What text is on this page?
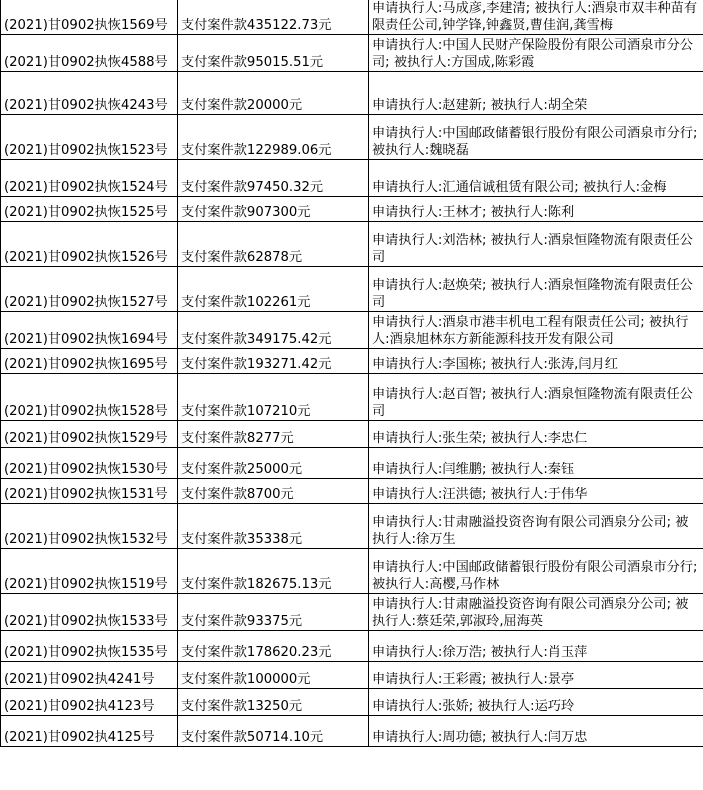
(2021)甘0902执恢1569号	支付案件款435122.73元	申请执行人:马成彦,李建清; 被执行人:酒泉市双丰种苗有限责任公司,钟学锋,钟鑫贤,曹佳润,龚雪梅
(2021)甘0902执恢4588号	支付案件款95015.51元	申请执行人:中国人民财产保险股份有限公司酒泉市分公司; 被执行人:方国成,陈彩霞
(2021)甘0902执恢4243号	支付案件款20000元	申请执行人:赵建新; 被执行人:胡全荣
(2021)甘0902执恢1523号	支付案件款122989.06元	申请执行人:中国邮政储蓄银行股份有限公司酒泉市分行; 被执行人:魏晓磊
(2021)甘0902执恢1524号	支付案件款97450.32元	申请执行人:汇通信诚租赁有限公司; 被执行人:金梅
(2021)甘0902执恢1525号	支付案件款907300元	申请执行人:王林才; 被执行人:陈利
(2021)甘0902执恢1526号	支付案件款62878元	申请执行人:刘浩林; 被执行人:酒泉恒隆物流有限责任公司
(2021)甘0902执恢1527号	支付案件款102261元	申请执行人:赵焕荣; 被执行人:酒泉恒隆物流有限责任公司
(2021)甘0902执恢1694号	支付案件款349175.42元	申请执行人:酒泉市港丰机电工程有限责任公司; 被执行人:酒泉旭林东方新能源科技开发有限公司
(2021)甘0902执恢1695号	支付案件款193271.42元	申请执行人:李国栋; 被执行人:张涛,闫月红
(2021)甘0902执恢1528号	支付案件款107210元	申请执行人:赵百智; 被执行人:酒泉恒隆物流有限责任公司
(2021)甘0902执恢1529号	支付案件款8277元	申请执行人:张生荣; 被执行人:李忠仁
(2021)甘0902执恢1530号	支付案件款25000元	申请执行人:闫维鹏; 被执行人:秦钰
(2021)甘0902执恢1531号	支付案件款8700元	申请执行人:汪洪德; 被执行人:于伟华
(2021)甘0902执恢1532号	支付案件款35338元	申请执行人:甘肃融溢投资咨询有限公司酒泉分公司; 被执行人:徐万生
(2021)甘0902执恢1519号	支付案件款182675.13元	申请执行人:中国邮政储蓄银行股份有限公司酒泉市分行; 被执行人:高樱,马作林
(2021)甘0902执恢1533号	支付案件款93375元	申请执行人:甘肃融溢投资咨询有限公司酒泉分公司; 被执行人:蔡廷荣,郭淑玲,屈海英
(2021)甘0902执恢1535号	支付案件款178620.23元	申请执行人:徐万浩; 被执行人:肖玉萍
(2021)甘0902执4241号	支付案件款100000元	申请执行人:王彩霞; 被执行人:景亭
(2021)甘0902执4123号	支付案件款13250元	申请执行人:张娇; 被执行人:运巧玲
(2021)甘0902执4125号	支付案件款50714.10元	申请执行人:周功德; 被执行人:闫万忠
